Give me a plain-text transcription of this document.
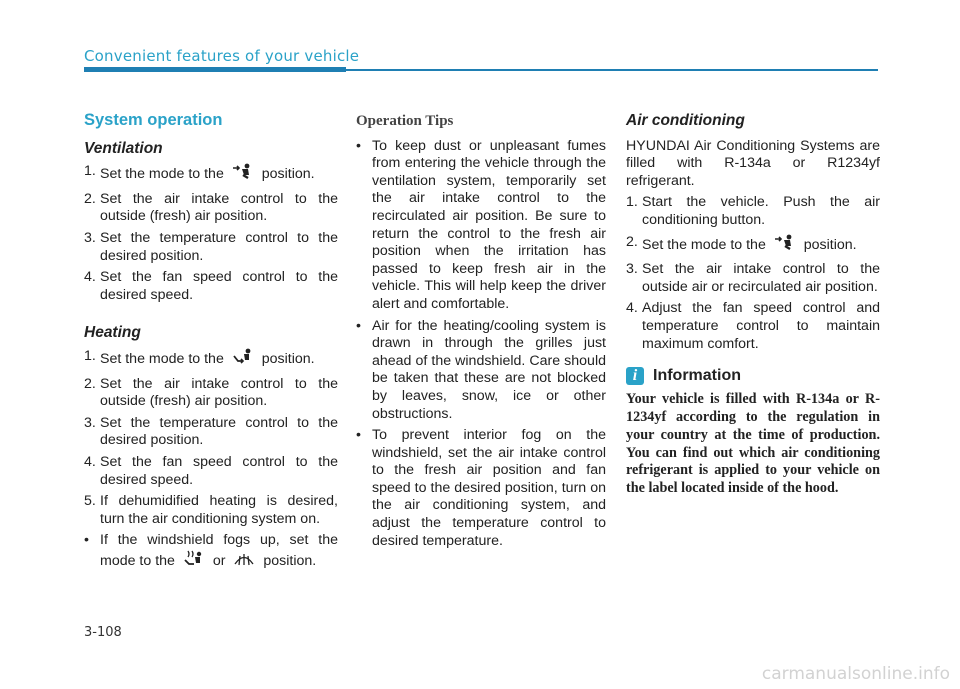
Convenient features of your vehicle
System operation
Ventilation
1. Set the mode to the	position.
2. Set the air intake control to the outside (fresh) air position.
3. Set the temperature control to the desired position.
4. Set the fan speed control to the desired speed.
Heating
1. Set the mode to the	position.
2. Set the air intake control to the outside (fresh) air position.
3. Set the temperature control to the desired position.
4. Set the fan speed control to the desired speed.
5. If dehumidified heating is desired, turn the air conditioning system on.
• If the windshield fogs up, set the mode to the	or	position.
Operation Tips
• To keep dust or unpleasant fumes from entering the vehicle through the ventilation system, temporarily set the air intake control to the recirculated air position. Be sure to return the control to the fresh air position when the irritation has passed to keep fresh air in the vehicle. This will help keep the driver alert and comfortable.
• Air for the heating/cooling system is drawn in through the grilles just ahead of the windshield. Care should be taken that these are not blocked by leaves, snow, ice or other obstructions.
• To prevent interior fog on the windshield, set the air intake control to the fresh air position and fan speed to the desired position, turn on the air conditioning system, and adjust the temperature control to desired temperature.
Air conditioning

HYUNDAI Air Conditioning Systems are filled with R-134a or R1234yf refrigerant.

1. Start the vehicle. Push the air conditioning button.
2. Set the mode to the	position.
3. Set the air intake control to the outside air or recirculated air position.
4. Adjust the fan speed control and temperature control to maintain maximum comfort.
i Information
Your vehicle is filled with R-134a or R-1234yf according to the regulation in your country at the time of production. You can find out which air conditioning refrigerant is applied to your vehicle on the label located inside of the hood.
3-108
carmanualsonline.info
